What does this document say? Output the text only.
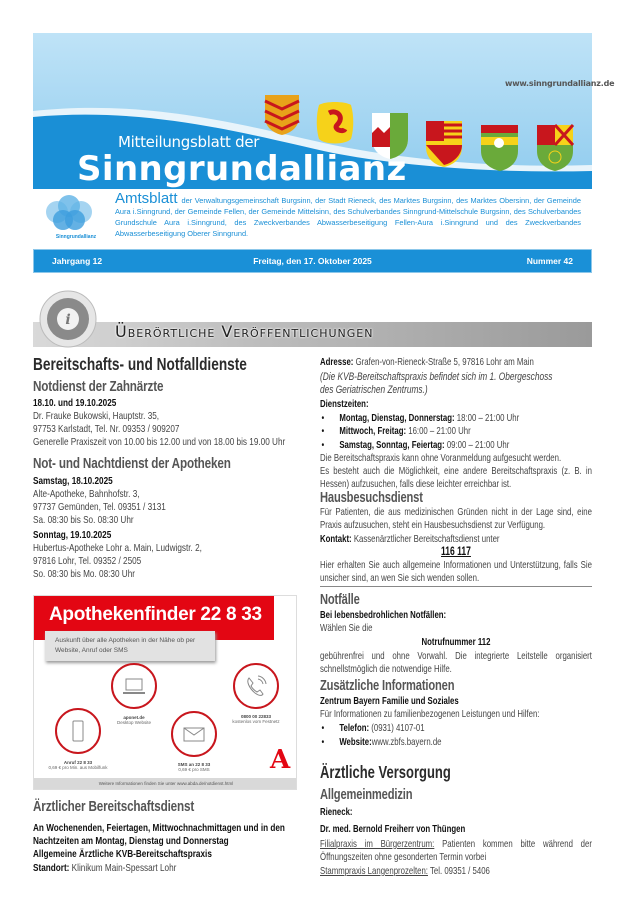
www.sinngrundallianz.de
Mitteilungsblatt der
Sinngrundallianz
Sinngrundallianz
Amtsblatt der Verwaltungsgemeinschaft Burgsinn, der Stadt Rieneck, des Marktes Burgsinn, des Marktes Obersinn, der Gemeinde Aura i.Sinngrund, der Gemeinde Fellen, der Gemeinde Mittelsinn, des Schulverbandes Sinngrund-Mittelschule Burgsinn, des Schulverbandes Grundschule Aura i.Sinngrund, des Zweckverbandes Abwasserbeseitigung Fellen-Aura i.Sinngrund und des Zweckverbandes Abwasserbeseitigung Oberer Sinngrund.
Jahrgang 12	Freitag, den 17. Oktober 2025	Nummer 42
i
Überörtliche Veröffentlichungen
Bereitschafts- und Notfalldienste
Notdienst der Zahnärzte
18.10. und 19.10.2025
Dr. Frauke Bukowski, Hauptstr. 35,
97753 Karlstadt, Tel. Nr. 09353 / 909207
Generelle Praxiszeit von 10.00 bis 12.00 und von 18.00 bis 19.00 Uhr
Not- und Nachtdienst der Apotheken
Samstag, 18.10.2025
Alte-Apotheke, Bahnhofstr. 3,
97737 Gemünden, Tel. 09351 / 3131
Sa. 08:30 bis So. 08:30 Uhr
Sonntag, 19.10.2025
Hubertus-Apotheke Lohr a. Main, Ludwigstr. 2,
97816 Lohr, Tel. 09352 / 2505
So. 08:30 bis Mo. 08:30 Uhr
Ärztlicher Bereitschaftsdienst
An Wochenenden, Feiertagen, Mittwochnachmittagen und in den
Nachtzeiten am Montag, Dienstag und Donnerstag
Allgemeine Ärztliche KVB-Bereitschaftspraxis
Standort: Klinikum Main-Spessart Lohr
Apothekenfinder 22 8 33
Auskunft über alle Apotheken in der Nähe ob per Website, Anruf oder SMS
aponet.de
Desktop Website
0800 00 22833
kostenlos vom Festnetz
Anruf 22 8 33
0,69 € pro Min. aus Mobilfunk
SMS an 22 8 33
0,69 € pro SMS	A
Weitere Informationen finden Sie unter www.abda.de/notdienst.html
Adresse: Grafen-von-Rieneck-Straße 5, 97816 Lohr am Main
(Die KVB-Bereitschaftspraxis befindet sich im 1. Obergeschoss
des Geriatrischen Zentrums.)
Dienstzeiten:
• Montag, Dienstag, Donnerstag: 18:00 – 21:00 Uhr
• Mittwoch, Freitag: 16:00 – 21:00 Uhr
• Samstag, Sonntag, Feiertag: 09:00 – 21:00 Uhr
Die Bereitschaftspraxis kann ohne Voranmeldung aufgesucht werden.
Es besteht auch die Möglichkeit, eine andere Bereitschaftspraxis (z. B. in Hessen) aufzusuchen, falls diese leichter erreichbar ist.
Hausbesuchsdienst
Für Patienten, die aus medizinischen Gründen nicht in der Lage sind, eine Praxis aufzusuchen, steht ein Hausbesuchsdienst zur Verfügung.
Kontakt: Kassenärztlicher Bereitschaftsdienst unter
116 117
Hier erhalten Sie auch allgemeine Informationen und Unterstützung, falls Sie unsicher sind, an wen Sie sich wenden sollen.
Notfälle
Bei lebensbedrohlichen Notfällen:
Wählen Sie die
Notrufnummer 112
gebührenfrei und ohne Vorwahl. Die integrierte Leitstelle organisiert schnellstmöglich die notwendige Hilfe.
Zusätzliche Informationen
Zentrum Bayern Familie und Soziales
Für Informationen zu familienbezogenen Leistungen und Hilfen:
• Telefon: (0931) 4107-01
• Website:www.zbfs.bayern.de
Ärztliche Versorgung
Allgemeinmedizin
Rieneck:
Dr. med. Bernold Freiherr von Thüngen
Filialpraxis im Bürgerzentrum: Patienten kommen bitte während der Öffnungszeiten ohne gesonderten Termin vorbei
Stammpraxis Langenprozelten: Tel. 09351 / 5406
